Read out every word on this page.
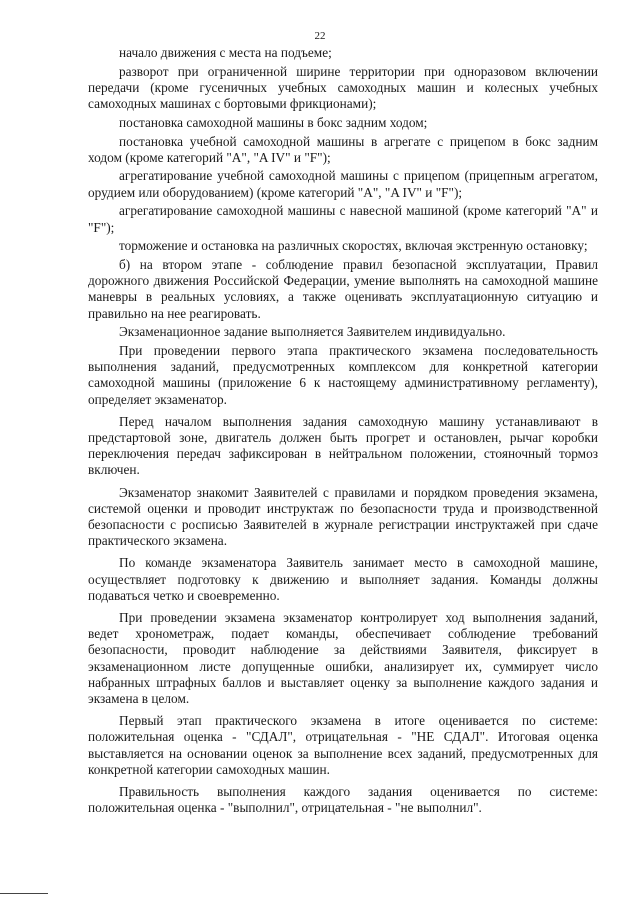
22

начало движения с места на подъеме;

разворот при ограниченной ширине территории при одноразовом включении передачи (кроме гусеничных учебных самоходных машин и колесных учебных самоходных машинах с бортовыми фрикционами);

постановка самоходной машины в бокс задним ходом;

постановка учебной самоходной машины в агрегате с прицепом в бокс задним ходом (кроме категорий "A", "A IV" и "F");

агрегатирование учебной самоходной машины с прицепом (прицепным агрегатом, орудием или оборудованием) (кроме категорий "A", "A IV" и "F");

агрегатирование самоходной машины с навесной машиной (кроме категорий "A" и "F");

торможение и остановка на различных скоростях, включая экстренную остановку;

б) на втором этапе - соблюдение правил безопасной эксплуатации, Правил дорожного движения Российской Федерации, умение выполнять на самоходной машине маневры в реальных условиях, а также оценивать эксплуатационную ситуацию и правильно на нее реагировать.

Экзаменационное задание выполняется Заявителем индивидуально.

При проведении первого этапа практического экзамена последовательность выполнения заданий, предусмотренных комплексом для конкретной категории самоходной машины (приложение 6 к настоящему административному регламенту), определяет экзаменатор.

Перед началом выполнения задания самоходную машину устанавливают в предстартовой зоне, двигатель должен быть прогрет и остановлен, рычаг коробки переключения передач зафиксирован в нейтральном положении, стояночный тормоз включен.

Экзаменатор знакомит Заявителей с правилами и порядком проведения экзамена, системой оценки и проводит инструктаж по безопасности труда и производственной безопасности с росписью Заявителей в журнале регистрации инструктажей при сдаче практического экзамена.

По команде экзаменатора Заявитель занимает место в самоходной машине, осуществляет подготовку к движению и выполняет задания. Команды должны подаваться четко и своевременно.

При проведении экзамена экзаменатор контролирует ход выполнения заданий, ведет хронометраж, подает команды, обеспечивает соблюдение требований безопасности, проводит наблюдение за действиями Заявителя, фиксирует в экзаменационном листе допущенные ошибки, анализирует их, суммирует число набранных штрафных баллов и выставляет оценку за выполнение каждого задания и экзамена в целом.

Первый этап практического экзамена в итоге оценивается по системе: положительная оценка - "СДАЛ", отрицательная - "НЕ СДАЛ". Итоговая оценка выставляется на основании оценок за выполнение всех заданий, предусмотренных для конкретной категории самоходных машин.

Правильность выполнения каждого задания оценивается по системе: положительная оценка - "выполнил", отрицательная - "не выполнил".
